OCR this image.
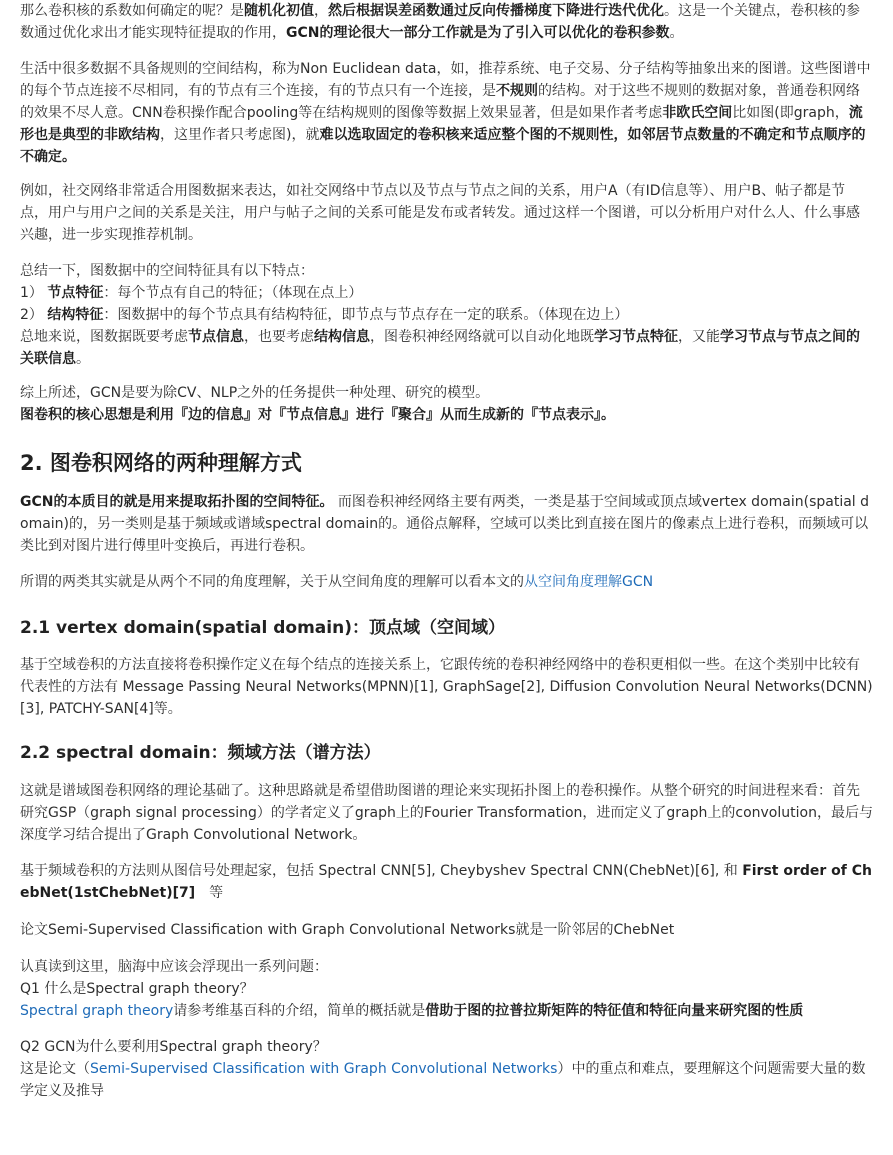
那么卷积核的系数如何确定的呢？是随机化初值，然后根据误差函数通过反向传播梯度下降进行迭代优化。这是一个关键点，卷积核的参数通过优化求出才能实现特征提取的作用，GCN的理论很大一部分工作就是为了引入可以优化的卷积参数。

生活中很多数据不具备规则的空间结构，称为Non Euclidean data，如，推荐系统、电子交易、分子结构等抽象出来的图谱。这些图谱中的每个节点连接不尽相同，有的节点有三个连接，有的节点只有一个连接，是不规则的结构。对于这些不规则的数据对象，普通卷积网络的效果不尽人意。CNN卷积操作配合pooling等在结构规则的图像等数据上效果显著，但是如果作者考虑非欧氏空间比如图(即graph，流形也是典型的非欧结构，这里作者只考虑图)，就难以选取固定的卷积核来适应整个图的不规则性，如邻居节点数量的不确定和节点顺序的不确定。

例如，社交网络非常适合用图数据来表达，如社交网络中节点以及节点与节点之间的关系，用户A（有ID信息等）、用户B、帖子都是节点，用户与用户之间的关系是关注，用户与帖子之间的关系可能是发布或者转发。通过这样一个图谱，可以分析用户对什么人、什么事感兴趣，进一步实现推荐机制。

总结一下，图数据中的空间特征具有以下特点：

1） 节点特征：每个节点有自己的特征；（体现在点上）

2） 结构特征：图数据中的每个节点具有结构特征，即节点与节点存在一定的联系。（体现在边上）

总地来说，图数据既要考虑节点信息，也要考虑结构信息，图卷积神经网络就可以自动化地既学习节点特征，又能学习节点与节点之间的关联信息。

综上所述，GCN是要为除CV、NLP之外的任务提供一种处理、研究的模型。

图卷积的核心思想是利用『边的信息』对『节点信息』进行『聚合』从而生成新的『节点表示』。

2. 图卷积网络的两种理解方式

GCN的本质目的就是用来提取拓扑图的空间特征。 而图卷积神经网络主要有两类，一类是基于空间域或顶点域vertex domain(spatial domain)的，另一类则是基于频域或谱域spectral domain的。通俗点解释，空域可以类比到直接在图片的像素点上进行卷积，而频域可以类比到对图片进行傅里叶变换后，再进行卷积。

所谓的两类其实就是从两个不同的角度理解，关于从空间角度的理解可以看本文的从空间角度理解GCN

2.1 vertex domain(spatial domain)：顶点域（空间域）

基于空域卷积的方法直接将卷积操作定义在每个结点的连接关系上，它跟传统的卷积神经网络中的卷积更相似一些。在这个类别中比较有代表性的方法有 Message Passing Neural Networks(MPNN)[1], GraphSage[2], Diffusion Convolution Neural Networks(DCNN)[3], PATCHY-SAN[4]等。

2.2 spectral domain：频域方法（谱方法）

这就是谱域图卷积网络的理论基础了。这种思路就是希望借助图谱的理论来实现拓扑图上的卷积操作。从整个研究的时间进程来看：首先研究GSP（graph signal processing）的学者定义了graph上的Fourier Transformation，进而定义了graph上的convolution，最后与深度学习结合提出了Graph Convolutional Network。

基于频域卷积的方法则从图信号处理起家，包括 Spectral CNN[5], Cheybyshev Spectral CNN(ChebNet)[6], 和 First order of ChebNet(1stChebNet)[7]　等

论文Semi-Supervised Classification with Graph Convolutional Networks就是一阶邻居的ChebNet

认真读到这里，脑海中应该会浮现出一系列问题：

Q1 什么是Spectral graph theory？

Spectral graph theory请参考维基百科的介绍，简单的概括就是借助于图的拉普拉斯矩阵的特征值和特征向量来研究图的性质

Q2 GCN为什么要利用Spectral graph theory？

这是论文（Semi-Supervised Classification with Graph Convolutional Networks）中的重点和难点，要理解这个问题需要大量的数学定义及推导
